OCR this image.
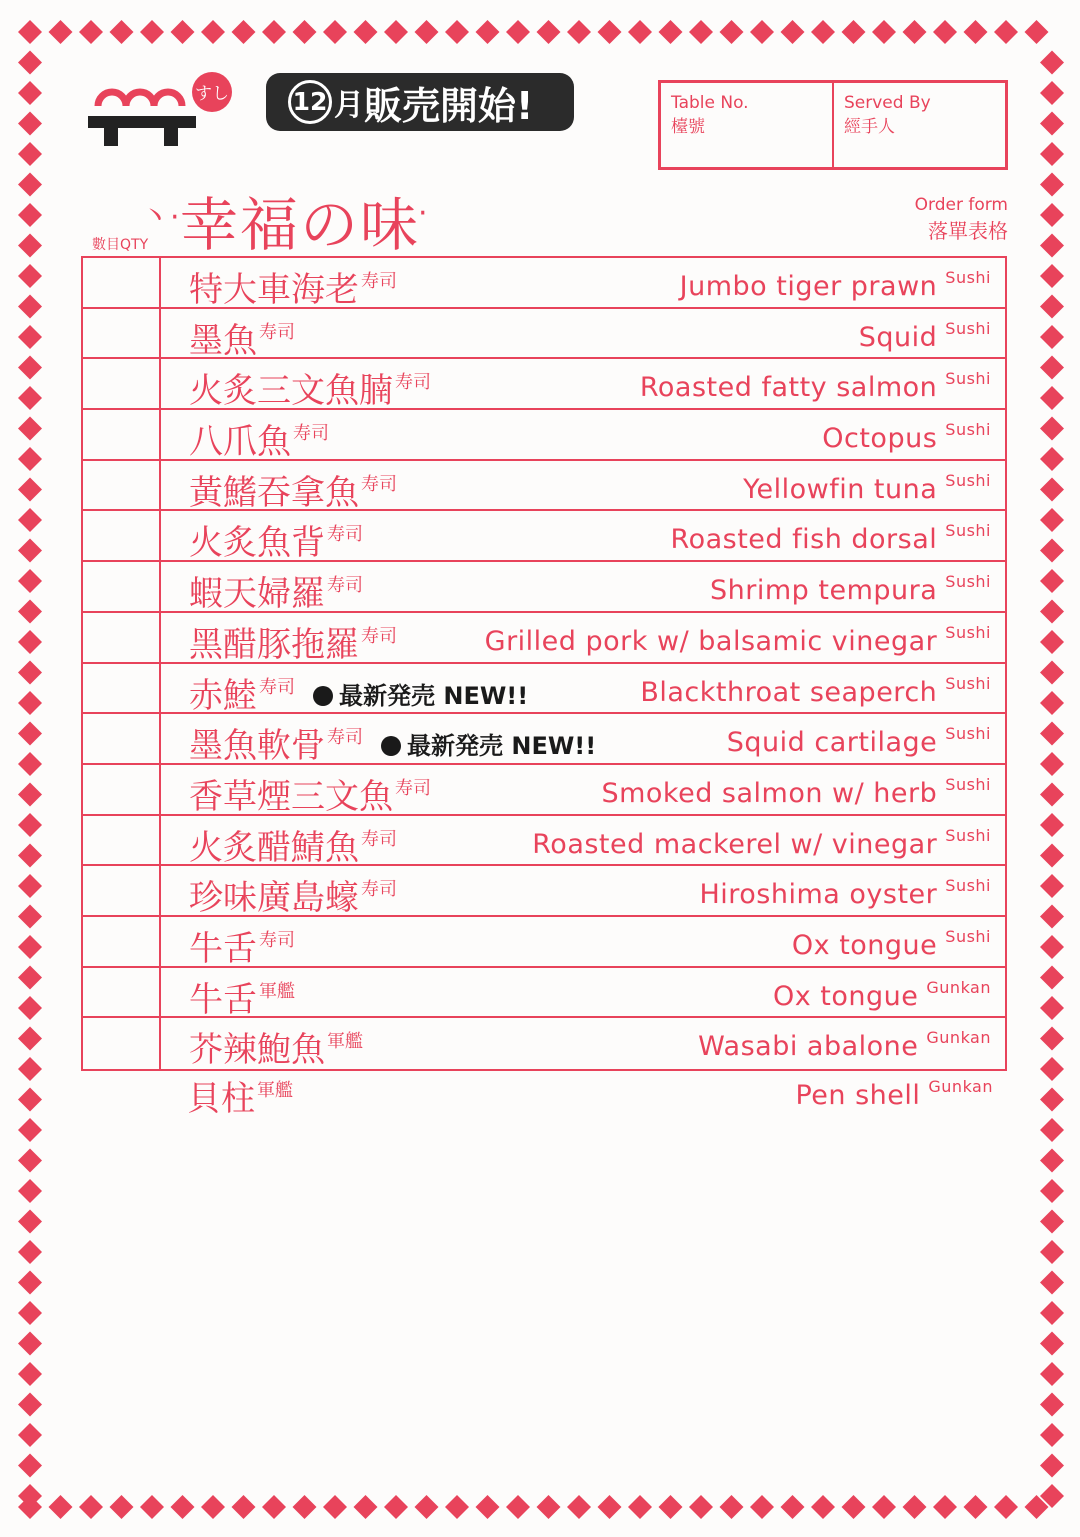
すし	12 月 販売開始!	Table No.
檯號
Served By
經手人
丶· 幸福の味
·
數目QTY
Order form
落單表格
特大車海老 $^{寿司}$	Jumbo tiger prawn $^{Sushi}$
墨魚 $^{寿司}$	Squid $^{Sushi}$
火炙三文魚腩 $^{寿司}$	Roasted fatty salmon $^{Sushi}$
八爪魚 $^{寿司}$	Octopus $^{Sushi}$
黃鰭吞拿魚 $^{寿司}$	Yellowfin tuna $^{Sushi}$
火炙魚背 $^{寿司}$	Roasted fish dorsal $^{Sushi}$
蝦天婦羅 $^{寿司}$	Shrimp tempura $^{Sushi}$
黑醋豚拖羅 $^{寿司}$	Grilled pork w/ balsamic vinegar $^{Sushi}$
赤鯥 $^{寿司}$	最新発売 NEW!!	Blackthroat seaperch $^{Sushi}$
墨魚軟骨 $^{寿司}$	最新発売 NEW!!	Squid cartilage $^{Sushi}$
香草煙三文魚 $^{寿司}$	Smoked salmon w/ herb $^{Sushi}$
火炙醋鯖魚 $^{寿司}$	Roasted mackerel w/ vinegar $^{Sushi}$
珍味廣島蠔 $^{寿司}$	Hiroshima oyster $^{Sushi}$
牛舌 $^{寿司}$	Ox tongue $^{Sushi}$
牛舌 $^{軍艦}$	Ox tongue $^{Gunkan}$
芥辣鮑魚 $^{軍艦}$	Wasabi abalone $^{Gunkan}$
貝柱 $^{軍艦}$	Pen shell $^{Gunkan}$
